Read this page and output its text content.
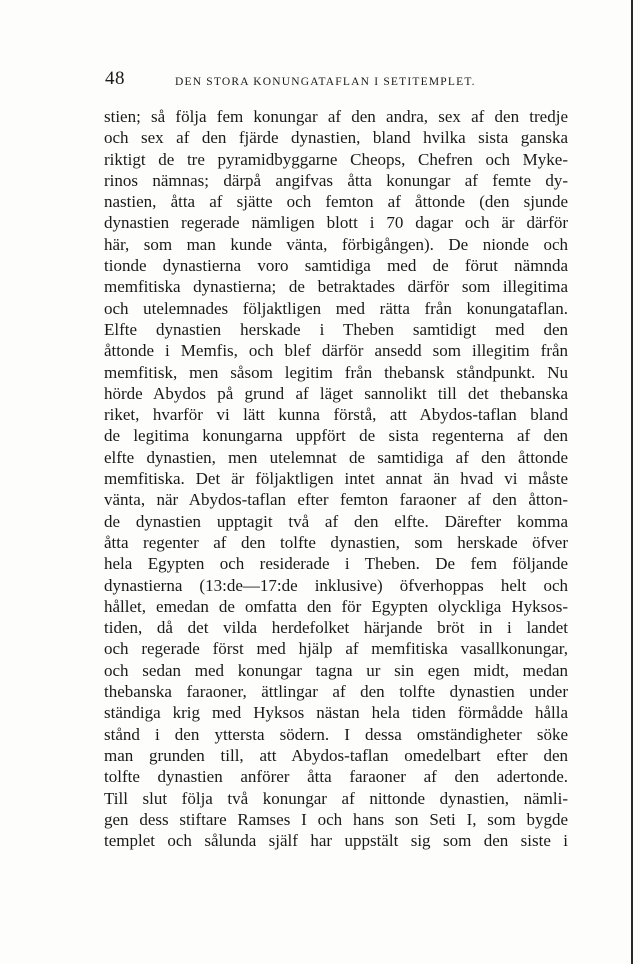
48	DEN STORA KONUNGATAFLAN I SETITEMPLET.
stien; så följa fem konungar af den andra, sex af den tredje
och sex af den fjärde dynastien, bland hvilka sista ganska
riktigt de tre pyramidbyggarne Cheops, Chefren och Myke-
rinos nämnas; därpå angifvas åtta konungar af femte dy-
nastien, åtta af sjätte och femton af åttonde (den sjunde
dynastien regerade nämligen blott i 70 dagar och är därför
här, som man kunde vänta, förbigången). De nionde och
tionde dynastierna voro samtidiga med de förut nämnda
memfitiska dynastierna; de betraktades därför som illegitima
och utelemnades följaktligen med rätta från konungataflan.
Elfte dynastien herskade i Theben samtidigt med den
åttonde i Memfis, och blef därför ansedd som illegitim från
memfitisk, men såsom legitim från thebansk ståndpunkt. Nu
hörde Abydos på grund af läget sannolikt till det thebanska
riket, hvarför vi lätt kunna förstå, att Abydos-taflan bland
de legitima konungarna uppfört de sista regenterna af den
elfte dynastien, men utelemnat de samtidiga af den åttonde
memfitiska. Det är följaktligen intet annat än hvad vi måste
vänta, när Abydos-taflan efter femton faraoner af den åtton-
de dynastien upptagit två af den elfte. Därefter komma
åtta regenter af den tolfte dynastien, som herskade öfver
hela Egypten och residerade i Theben. De fem följande
dynastierna (13:de—17:de inklusive) öfverhoppas helt och
hållet, emedan de omfatta den för Egypten olyckliga Hyksos-
tiden, då det vilda herdefolket härjande bröt in i landet
och regerade först med hjälp af memfitiska vasallkonungar,
och sedan med konungar tagna ur sin egen midt, medan
thebanska faraoner, ättlingar af den tolfte dynastien under
ständiga krig med Hyksos nästan hela tiden förmådde hålla
stånd i den yttersta södern. I dessa omständigheter söke
man grunden till, att Abydos-taflan omedelbart efter den
tolfte dynastien anförer åtta faraoner af den adertonde.
Till slut följa två konungar af nittonde dynastien, nämli-
gen dess stiftare Ramses I och hans son Seti I, som bygde
templet och sålunda själf har uppstält sig som den siste i
